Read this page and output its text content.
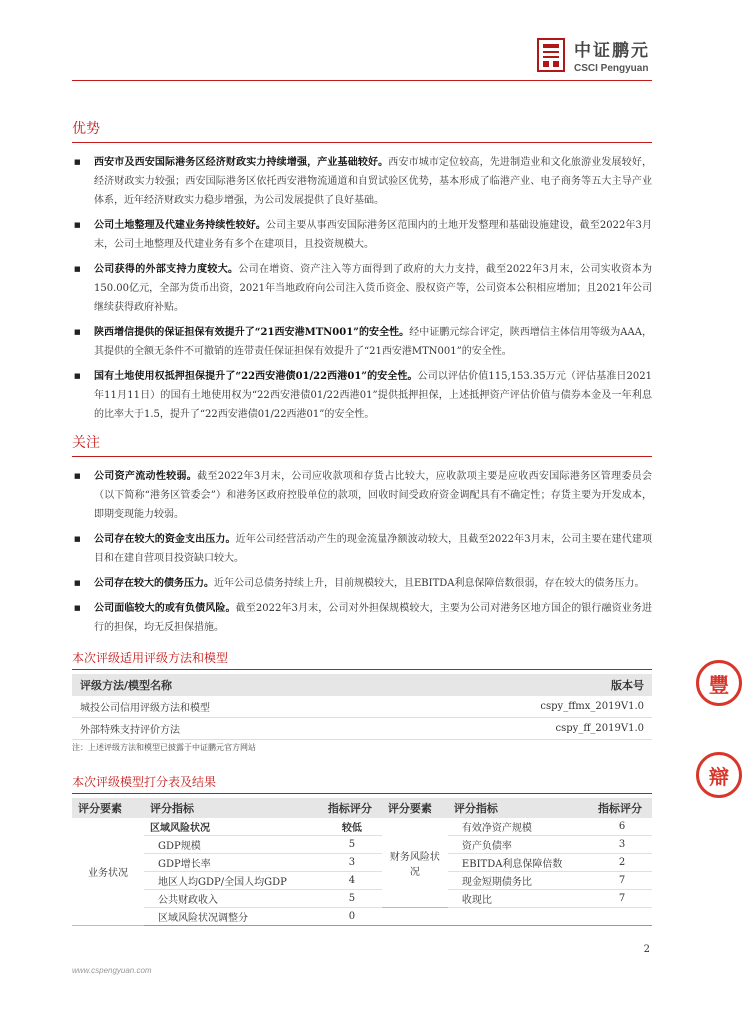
中证鹏元
CSCI Pengyuan
优势
■ 西安市及西安国际港务区经济财政实力持续增强，产业基础较好。西安市城市定位较高，先进制造业和文化旅游业发展较好，经济财政实力较强；西安国际港务区依托西安港物流通道和自贸试验区优势，基本形成了临港产业、电子商务等五大主导产业体系，近年经济财政实力稳步增强，为公司发展提供了良好基础。
■ 公司土地整理及代建业务持续性较好。公司主要从事西安国际港务区范围内的土地开发整理和基础设施建设，截至2022年3月末，公司土地整理及代建业务有多个在建项目，且投资规模大。
■ 公司获得的外部支持力度较大。公司在增资、资产注入等方面得到了政府的大力支持，截至2022年3月末，公司实收资本为150.00亿元，全部为货币出资，2021年当地政府向公司注入货币资金、股权资产等，公司资本公积相应增加；且2021年公司继续获得政府补贴。
■ 陕西增信提供的保证担保有效提升了“21西安港MTN001”的安全性。经中证鹏元综合评定，陕西增信主体信用等级为AAA，其提供的全额无条件不可撤销的连带责任保证担保有效提升了“21西安港MTN001”的安全性。
■ 国有土地使用权抵押担保提升了“22西安港债01/22西港01”的安全性。公司以评估价值115,153.35万元（评估基准日2021年11月11日）的国有土地使用权为“22西安港债01/22西港01”提供抵押担保，上述抵押资产评估价值与债券本金及一年利息的比率大于1.5，提升了“22西安港债01/22西港01”的安全性。
关注
■ 公司资产流动性较弱。截至2022年3月末，公司应收款项和存货占比较大，应收款项主要是应收西安国际港务区管理委员会（以下简称“港务区管委会”）和港务区政府控股单位的款项，回收时间受政府资金调配具有不确定性；存货主要为开发成本，即期变现能力较弱。
■ 公司存在较大的资金支出压力。近年公司经营活动产生的现金流量净额波动较大，且截至2022年3月末，公司主要在建代建项目和在建自营项目投资缺口较大。
■ 公司存在较大的债务压力。近年公司总债务持续上升，目前规模较大，且EBITDA利息保障倍数很弱，存在较大的债务压力。
■ 公司面临较大的或有负债风险。截至2022年3月末，公司对外担保规模较大，主要为公司对港务区地方国企的银行融资业务进行的担保，均无反担保措施。
本次评级适用评级方法和模型
评级方法/模型名称	版本号
城投公司信用评级方法和模型	cspy_ffmx_2019V1.0
外部特殊支持评价方法	cspy_ff_2019V1.0
注：上述评级方法和模型已披露于中证鹏元官方网站
本次评级模型打分表及结果
评分要素	评分指标	指标评分	评分要素	评分指标	指标评分
业务状况	区域风险状况	较低	财务风险状况	有效净资产规模	6
	GDP规模	5		资产负债率	3
	GDP增长率	3		EBITDA利息保障倍数	2
	地区人均GDP/全国人均GDP	4		现金短期债务比	7
	公共财政收入	5		收现比	7
	区域风险状况调整分	0			
豐
辯
2
www.cspengyuan.com
